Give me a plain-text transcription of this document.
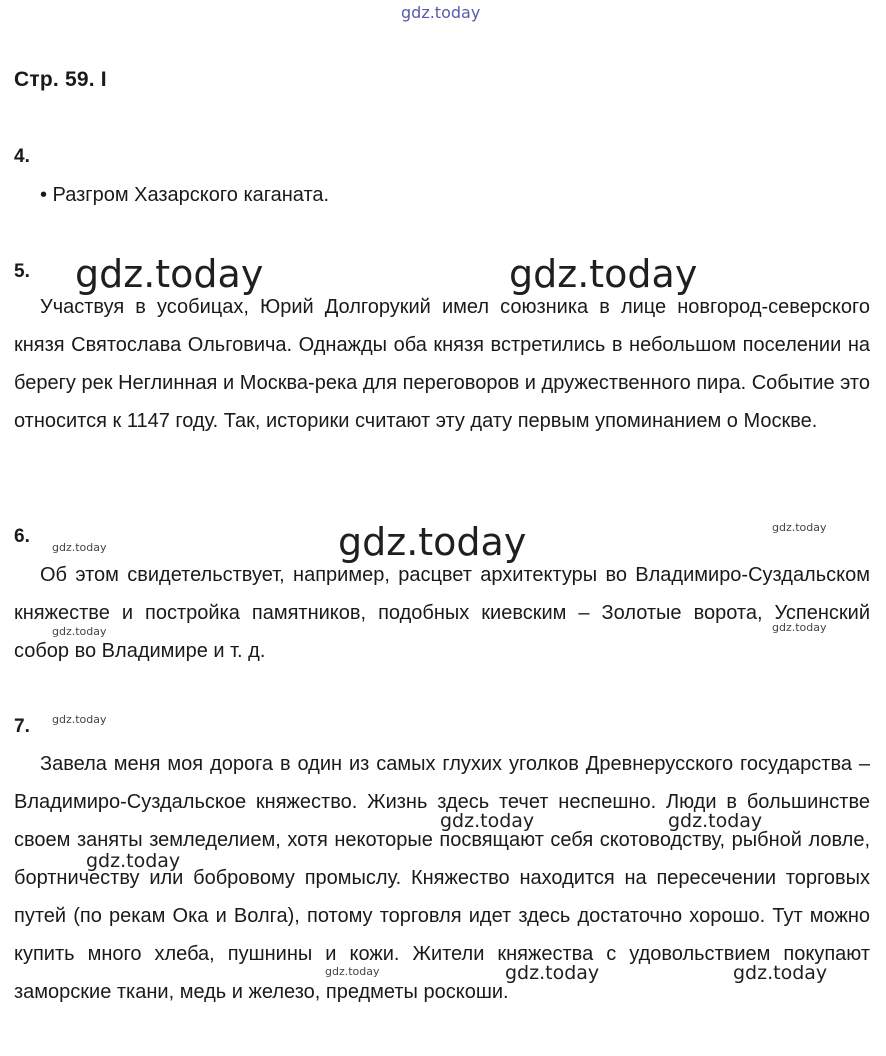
gdz.today
Стр. 59. I
4.
• Разгром Хазарского каганата.
5.

Участвуя в усобицах, Юрий Долгорукий имел союзника в лице новгород-северского князя Святослава Ольговича. Однажды оба князя встретились в небольшом поселении на берегу рек Неглинная и Москва-река для переговоров и дружественного пира. Событие это относится к 1147 году. Так, историки считают эту дату первым упоминанием о Москве.

6.

Об этом свидетельствует, например, расцвет архитектуры во Владимиро-Суздальском княжестве и постройка памятников, подобных киевским – Золотые ворота, Успенский собор во Владимире и т. д.

7.

Завела меня моя дорога в один из самых глухих уголков Древнерусского государства – Владимиро-Суздальское княжество. Жизнь здесь течет неспешно. Люди в большинстве своем заняты земледелием, хотя некоторые посвящают себя скотоводству, рыбной ловле, бортничеству или бобровому промыслу. Княжество находится на пересечении торговых путей (по рекам Ока и Волга), потому торговля идет здесь достаточно хорошо. Тут можно купить много хлеба, пушнины и кожи. Жители княжества с удовольствием покупают заморские ткани, медь и железо, предметы роскоши.

gdz.today	gdz.today
gdz.today
gdz.today
gdz.today
gdz.today	gdz.today
gdz.today
gdz.today	gdz.today
gdz.today
gdz.today	gdz.today	gdz.today
